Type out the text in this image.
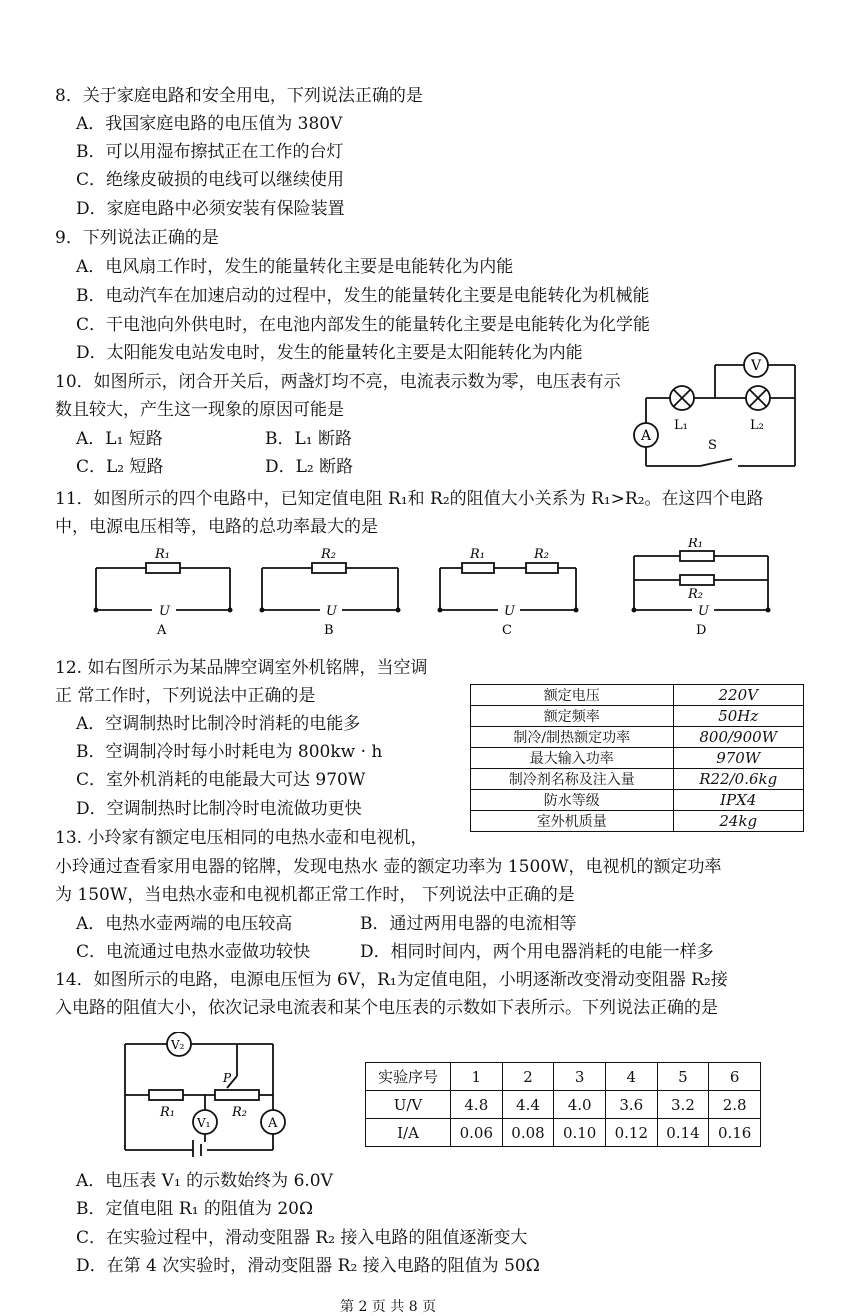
8．关于家庭电路和安全用电，下列说法正确的是
A．我国家庭电路的电压值为 380V
B．可以用湿布擦拭正在工作的台灯
C．绝缘皮破损的电线可以继续使用
D．家庭电路中必须安装有保险装置
9．下列说法正确的是
A．电风扇工作时，发生的能量转化主要是电能转化为内能
B．电动汽车在加速启动的过程中，发生的能量转化主要是电能转化为机械能
C．干电池向外供电时，在电池内部发生的能量转化主要是电能转化为化学能
D．太阳能发电站发电时，发生的能量转化主要是太阳能转化为内能
10．如图所示，闭合开关后，两盏灯均不亮，电流表示数为零，电压表有示
数且较大，产生这一现象的原因可能是
A．L₁ 短路	B．L₁ 断路
C．L₂ 短路	D．L₂ 断路
V
A
L₁	L₂
S
11．如图所示的四个电路中，已知定值电阻 R₁和 R₂的阻值大小关系为 R₁>R₂。在这四个电路
中，电源电压相等，电路的总功率最大的是
R₁	R₂	R₁	R₂
R₁
R₂
U	U	U	U
A	B	C	D
12. 如右图所示为某品牌空调室外机铭牌，当空调
正 常工作时，下列说法中正确的是
A．空调制热时比制冷时消耗的电能多
B．空调制冷时每小时耗电为 800kw · h
C．室外机消耗的电能最大可达 970W
D．空调制热时比制冷时电流做功更快
额定电压	220V
额定频率	50Hz
制冷/制热额定功率	800/900W
最大输入功率	970W
制冷剂名称及注入量	R22/0.6kg
防水等级	IPX4
室外机质量	24kg
13. 小玲家有额定电压相同的电热水壶和电视机，
小玲通过查看家用电器的铭牌，发现电热水 壶的额定功率为 1500W，电视机的额定功率
为 150W，当电热水壶和电视机都正常工作时， 下列说法中正确的是
A．电热水壶两端的电压较高	B．通过两用电器的电流相等
C．电流通过电热水壶做功较快	D．相同时间内，两个用电器消耗的电能一样多
14．如图所示的电路，电源电压恒为 6V，R₁为定值电阻，小明逐渐改变滑动变阻器 R₂接
入电路的阻值大小，依次记录电流表和某个电压表的示数如下表所示。下列说法正确的是
V₂
V₁	A
P
R₁	R₂
实验序号	1	2	3	4	5	6
U/V	4.8	4.4	4.0	3.6	3.2	2.8
I/A	0.06	0.08	0.10	0.12	0.14	0.16
A．电压表 V₁ 的示数始终为 6.0V
B．定值电阻 R₁ 的阻值为 20Ω
C．在实验过程中，滑动变阻器 R₂ 接入电路的阻值逐渐变大
D．在第 4 次实验时，滑动变阻器 R₂ 接入电路的阻值为 50Ω
第 2 页 共 8 页
